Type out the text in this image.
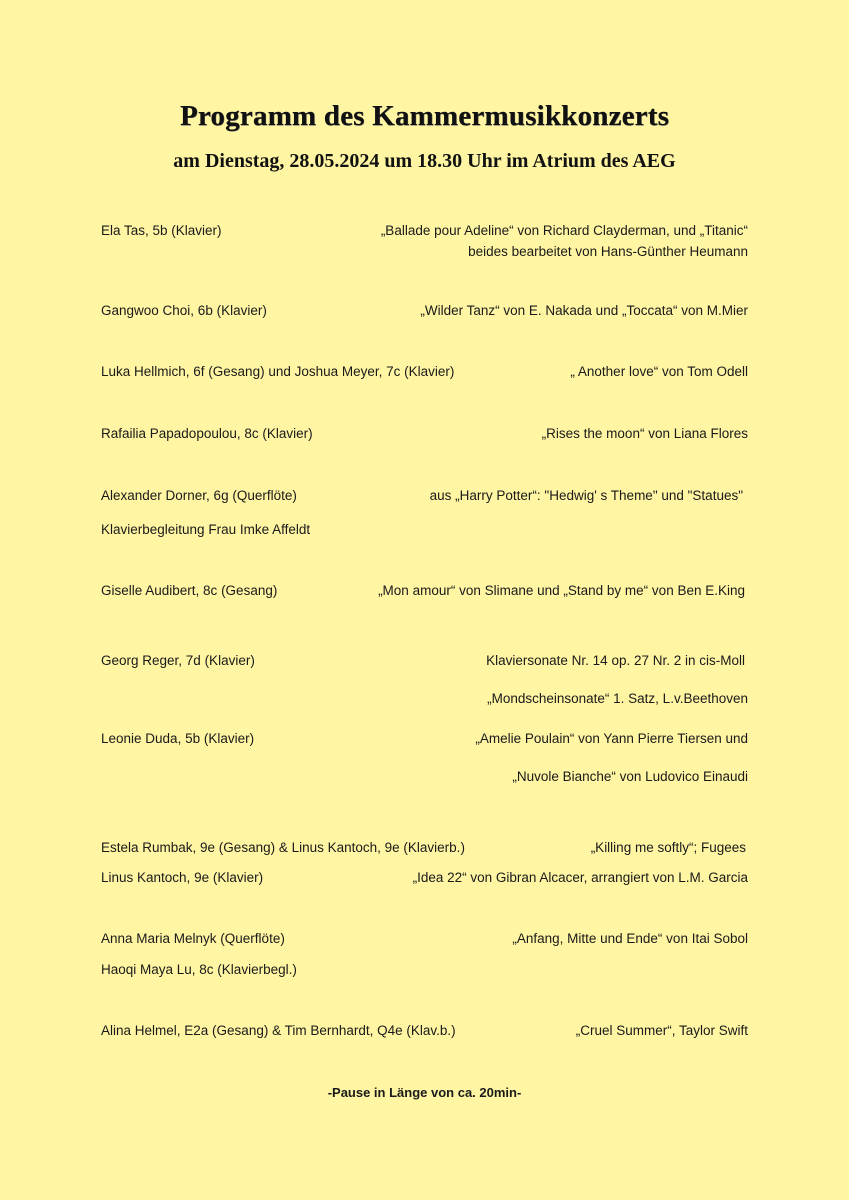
Programm des Kammermusikkonzerts
am Dienstag, 28.05.2024 um 18.30 Uhr im Atrium des AEG
Ela Tas, 5b (Klavier)	„Ballade pour Adeline“ von Richard Clayderman, und „Titanic“
beides bearbeitet von Hans-Günther Heumann
Gangwoo Choi, 6b (Klavier)	„Wilder Tanz“ von E. Nakada und „Toccata“ von M.Mier
Luka Hellmich, 6f (Gesang) und Joshua Meyer, 7c (Klavier)	„ Another love“ von Tom Odell
Rafailia Papadopoulou, 8c (Klavier)	„Rises the moon“ von Liana Flores
Alexander Dorner, 6g (Querflöte)	aus „Harry Potter“: "Hedwig' s Theme" und "Statues"
Klavierbegleitung Frau Imke Affeldt
Giselle Audibert, 8c (Gesang)	„Mon amour“ von Slimane und „Stand by me“ von Ben E.King
Georg Reger, 7d (Klavier)	Klaviersonate Nr. 14 op. 27 Nr. 2 in cis-Moll
„Mondscheinsonate“ 1. Satz, L.v.Beethoven
Leonie Duda, 5b (Klavier)	„Amelie Poulain“ von Yann Pierre Tiersen und
„Nuvole Bianche“ von Ludovico Einaudi
Estela Rumbak, 9e (Gesang) & Linus Kantoch, 9e (Klavierb.)	„Killing me softly“; Fugees
Linus Kantoch, 9e (Klavier)	„Idea 22“ von Gibran Alcacer, arrangiert von L.M. Garcia
Anna Maria Melnyk (Querflöte)	„Anfang, Mitte und Ende“ von Itai Sobol
Haoqi Maya Lu, 8c (Klavierbegl.)
Alina Helmel, E2a (Gesang) & Tim Bernhardt, Q4e (Klav.b.)	„Cruel Summer“, Taylor Swift
-Pause in Länge von ca. 20min-
